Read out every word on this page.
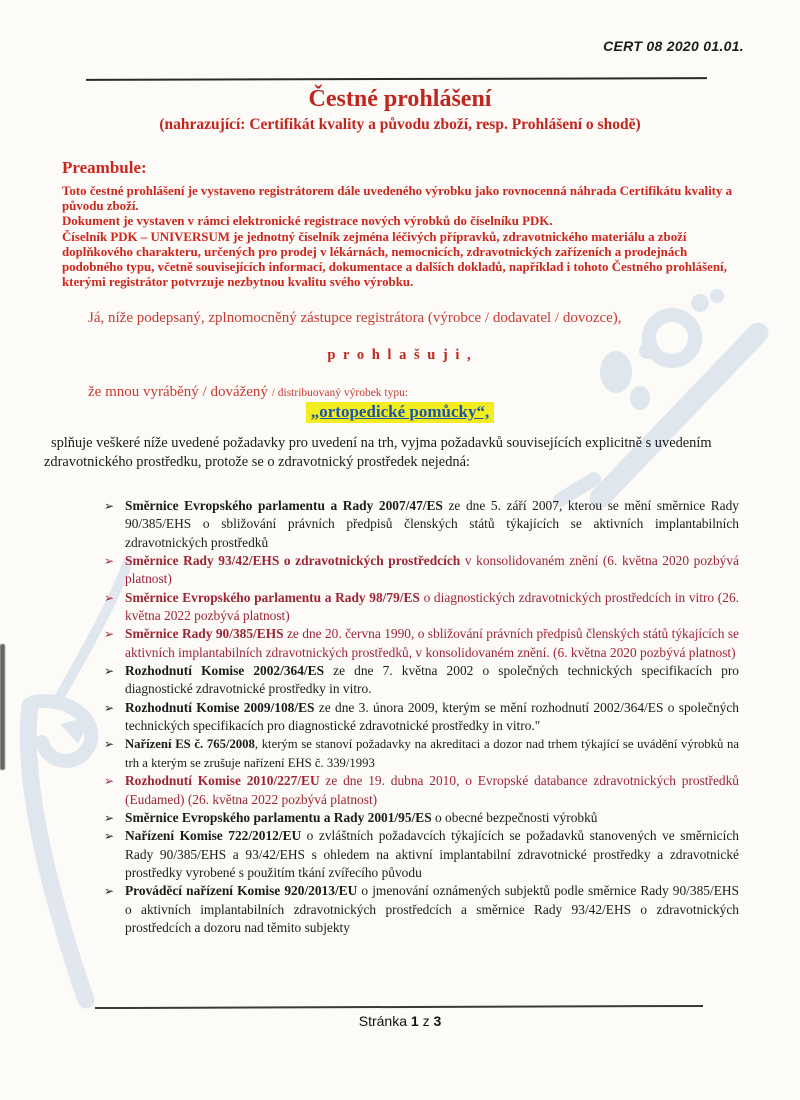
CERT 08 2020 01.01.
Čestné prohlášení
(nahrazující: Certifikát kvality a původu zboží, resp. Prohlášení o shodě)
Preambule:

Toto čestné prohlášení je vystaveno registrátorem dále uvedeného výrobku jako rovnocenná náhrada Certifikátu kvality a původu zboží.

Dokument je vystaven v rámci elektronické registrace nových výrobků do číselníku PDK.

Číselník PDK – UNIVERSUM je jednotný číselník zejména léčivých přípravků, zdravotnického materiálu a zboží doplňkového charakteru, určených pro prodej v lékárnách, nemocnicích, zdravotnických zařízeních a prodejnách podobného typu, včetně souvisejících informací, dokumentace a dalších dokladů, například i tohoto Čestného prohlášení, kterými registrátor potvrzuje nezbytnou kvalitu svého výrobku.

Já, níže podepsaný, zplnomocněný zástupce registrátora (výrobce / dodavatel / dovozce),
p r o h l a š u j i ,
že mnou vyráběný / dovážený / distribuovaný výrobek typu:
„ortopedické pomůcky“,
splňuje veškeré níže uvedené požadavky pro uvedení na trh, vyjma požadavků souvisejících explicitně s uvedením zdravotnického prostředku, protože se o zdravotnický prostředek nejedná:
➢ Směrnice Evropského parlamentu a Rady 2007/47/ES ze dne 5. září 2007, kterou se mění směrnice Rady 90/385/EHS o sbližování právních předpisů členských států týkajících se aktivních implantabilních zdravotnických prostředků
➢ Směrnice Rady 93/42/EHS o zdravotnických prostředcích v konsolidovaném znění (6. května 2020 pozbývá platnost)
➢ Směrnice Evropského parlamentu a Rady 98/79/ES o diagnostických zdravotnických prostředcích in vitro (26. května 2022 pozbývá platnost)
➢ Směrnice Rady 90/385/EHS ze dne 20. června 1990, o sbližování právních předpisů členských států týkajících se aktivních implantabilních zdravotnických prostředků, v konsolidovaném znění. (6. května 2020 pozbývá platnost)
➢ Rozhodnutí Komise 2002/364/ES ze dne 7. května 2002 o společných technických specifikacích pro diagnostické zdravotnické prostředky in vitro.
➢ Rozhodnutí Komise 2009/108/ES ze dne 3. února 2009, kterým se mění rozhodnutí 2002/364/ES o společných technických specifikacích pro diagnostické zdravotnické prostředky in vitro."
➢ Nařízení ES č. 765/2008, kterým se stanoví požadavky na akreditaci a dozor nad trhem týkající se uvádění výrobků na trh a kterým se zrušuje nařízení EHS č. 339/1993
➢ Rozhodnutí Komise 2010/227/EU ze dne 19. dubna 2010, o Evropské databance zdravotnických prostředků (Eudamed) (26. května 2022 pozbývá platnost)
➢ Směrnice Evropského parlamentu a Rady 2001/95/ES o obecné bezpečnosti výrobků
➢ Nařízení Komise 722/2012/EU o zvláštních požadavcích týkajících se požadavků stanovených ve směrnicích Rady 90/385/EHS a 93/42/EHS s ohledem na aktivní implantabilní zdravotnické prostředky a zdravotnické prostředky vyrobené s použitím tkání zvířecího původu
➢ Prováděcí nařízení Komise 920/2013/EU o jmenování oznámených subjektů podle směrnice Rady 90/385/EHS o aktivních implantabilních zdravotnických prostředcích a směrnice Rady 93/42/EHS o zdravotnických prostředcích a dozoru nad těmito subjekty
Stránka 1 z 3
